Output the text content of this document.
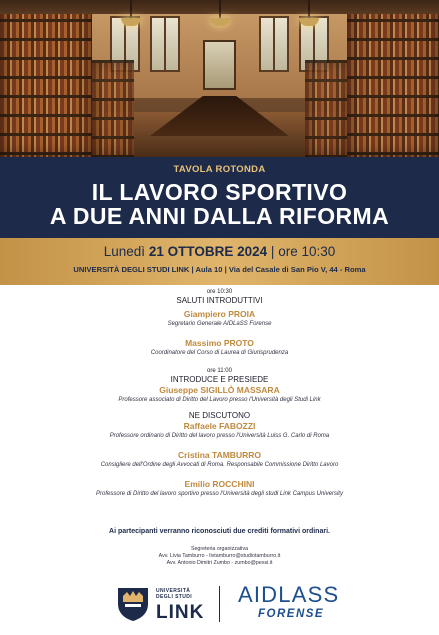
TAVOLA ROTONDA
IL LAVORO SPORTIVO
A DUE ANNI DALLA RIFORMA
Lunedì 21 OTTOBRE 2024 | ore 10:30
UNIVERSITÀ DEGLI STUDI LINK | Aula 10 | Via del Casale di San Pio V, 44 - Roma
ore 10:30
SALUTI INTRODUTTIVI
Giampiero PROIA
Segretario Generale AIDLaSS Forense
Massimo PROTO
Coordinatore del Corso di Laurea di Giurisprudenza
ore 11:00
INTRODUCE E PRESIEDE
Giuseppe SIGILLÒ MASSARA
Professore associato di Diritto del Lavoro presso l'Università degli Studi Link
NE DISCUTONO
Raffaele FABOZZI
Professore ordinario di Diritto del lavoro presso l'Università Luiss G. Carlo di Roma
Cristina TAMBURRO
Consigliere dell'Ordine degli Avvocati di Roma. Responsabile Commissione Diritto Lavoro
Emilio ROCCHINI
Professore di Diritto del lavoro sportivo presso l'Università degli studi Link Campus University
Ai partecipanti verranno riconosciuti due crediti formativi ordinari.
Segreteria organizzativa
Avv. Livia Tamburro - livtamburro@studiotamburro.it
Avv. Antonio Dimitri Zumbo - zumbo@pessi.it
UNIVERSITÀ
DEGLI STUDI
LINK
AIDLASS
FORENSE
